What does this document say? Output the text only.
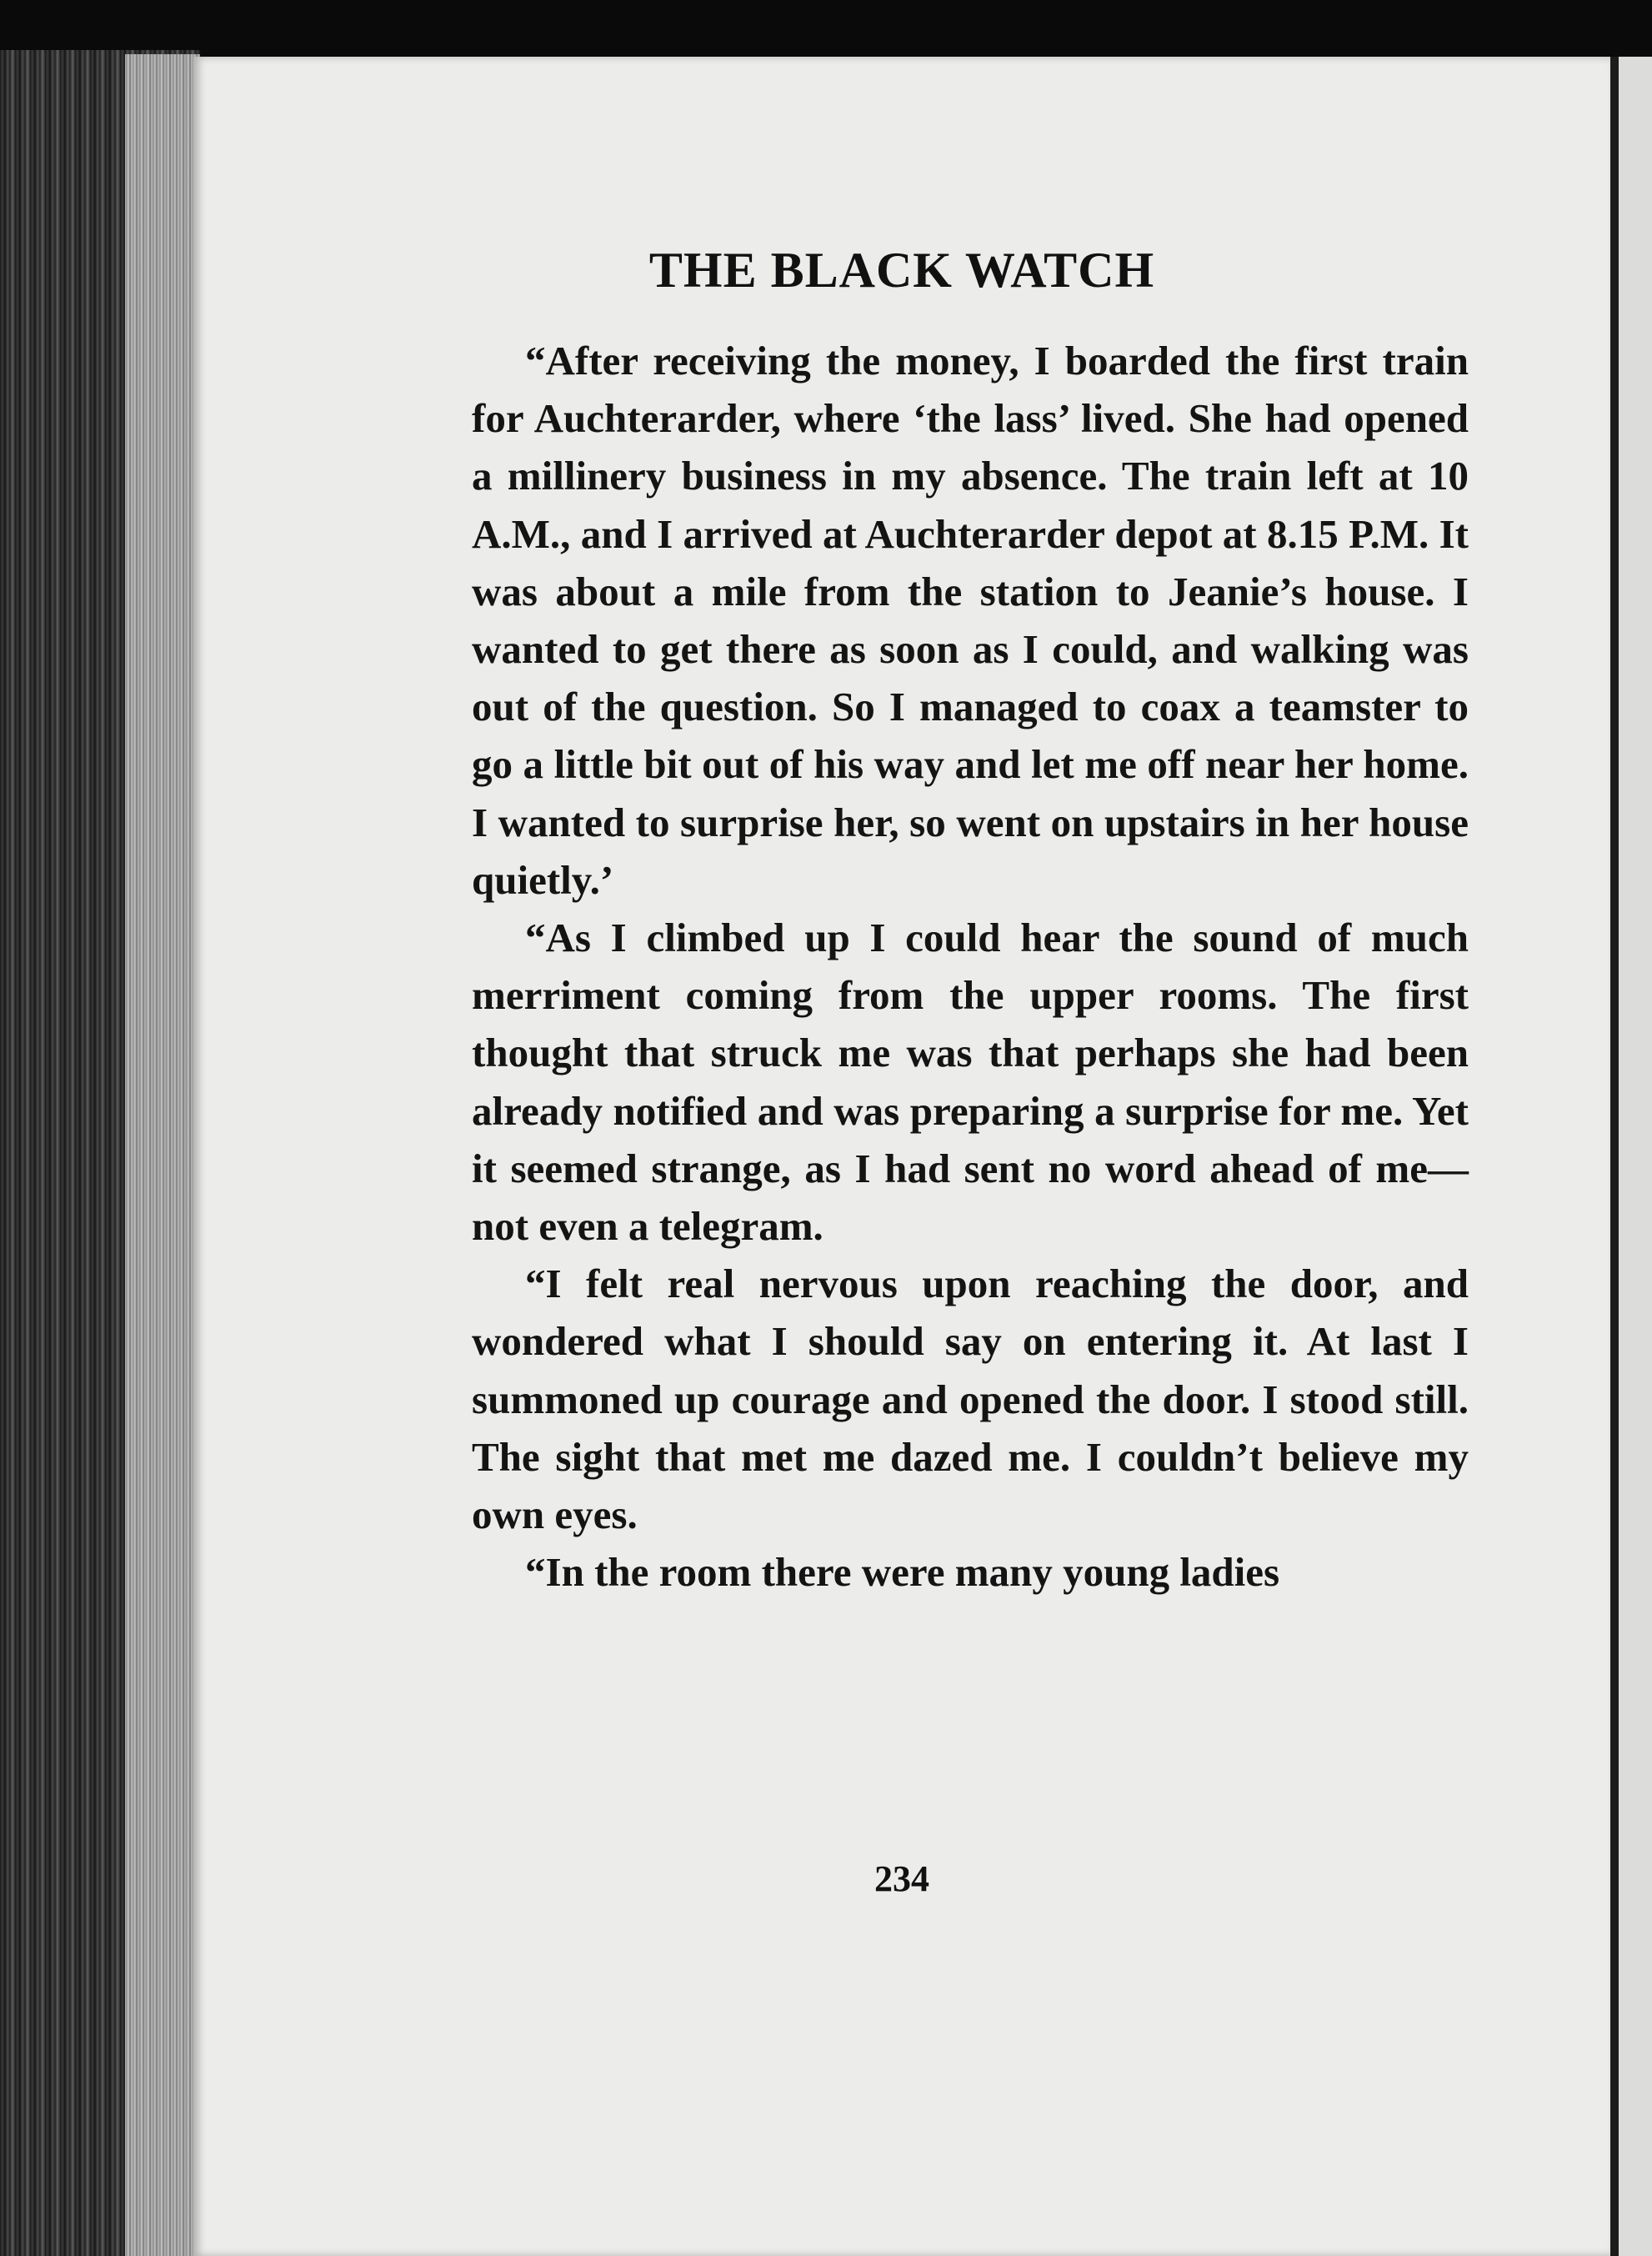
THE BLACK WATCH

“After receiving the money, I boarded the first train for Auchterarder, where ‘the lass’ lived. She had opened a millinery business in my absence. The train left at 10 A.M., and I arrived at Auchterarder depot at 8.15 P.M. It was about a mile from the station to Jeanie’s house. I wanted to get there as soon as I could, and walking was out of the question. So I managed to coax a teamster to go a little bit out of his way and let me off near her home. I wanted to surprise her, so went on upstairs in her house quietly.’

“As I climbed up I could hear the sound of much merriment coming from the upper rooms. The first thought that struck me was that perhaps she had been already notified and was preparing a surprise for me. Yet it seemed strange, as I had sent no word ahead of me—not even a telegram.

“I felt real nervous upon reaching the door, and wondered what I should say on entering it. At last I summoned up courage and opened the door. I stood still. The sight that met me dazed me. I couldn’t believe my own eyes.

“In the room there were many young ladies

234
